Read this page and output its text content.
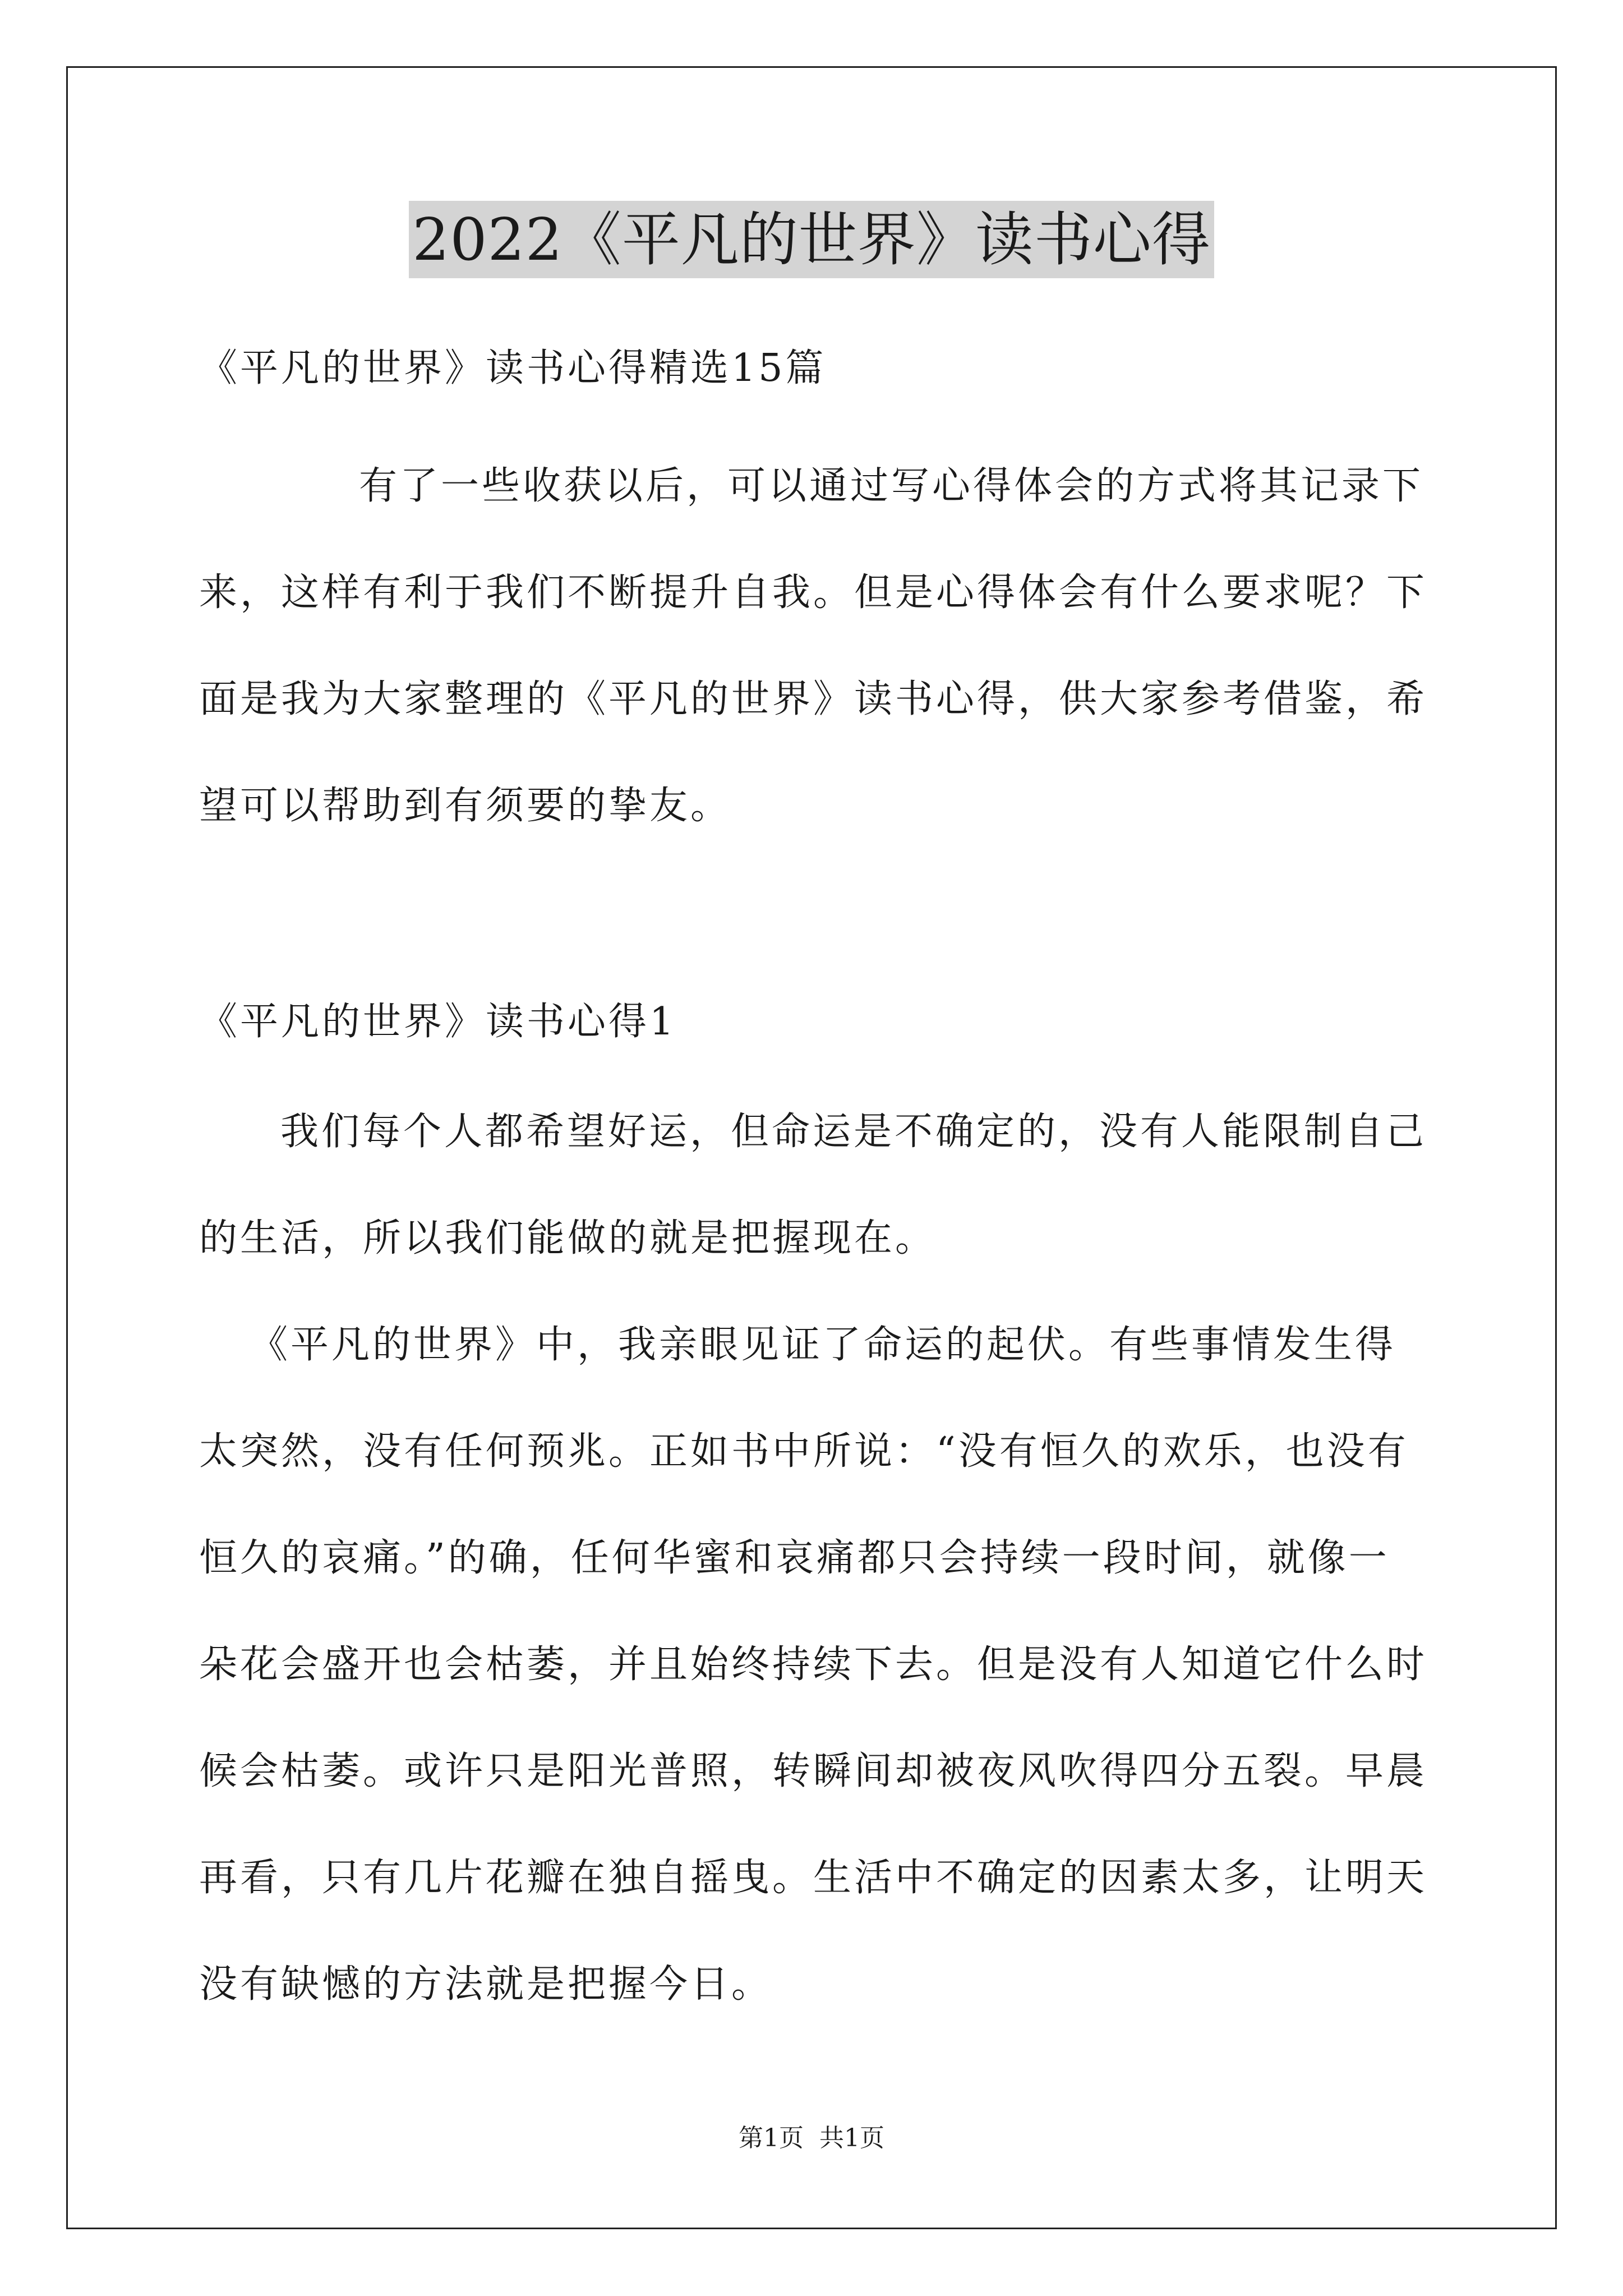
2022《平凡的世界》读书心得
《平凡的世界》读书心得精选15篇
有了一些收获以后，可以通过写心得体会的方式将其记录下
来，这样有利于我们不断提升自我。但是心得体会有什么要求呢？下
面是我为大家整理的《平凡的世界》读书心得，供大家参考借鉴，希
望可以帮助到有须要的挚友。
《平凡的世界》读书心得1
我们每个人都希望好运，但命运是不确定的，没有人能限制自己
的生活，所以我们能做的就是把握现在。
《平凡的世界》中，我亲眼见证了命运的起伏。有些事情发生得
太突然，没有任何预兆。正如书中所说：“没有恒久的欢乐，也没有
恒久的哀痛。”的确，任何华蜜和哀痛都只会持续一段时间，就像一
朵花会盛开也会枯萎，并且始终持续下去。但是没有人知道它什么时
候会枯萎。或许只是阳光普照，转瞬间却被夜风吹得四分五裂。早晨
再看，只有几片花瓣在独自摇曳。生活中不确定的因素太多，让明天
没有缺憾的方法就是把握今日。
第1页 共1页
